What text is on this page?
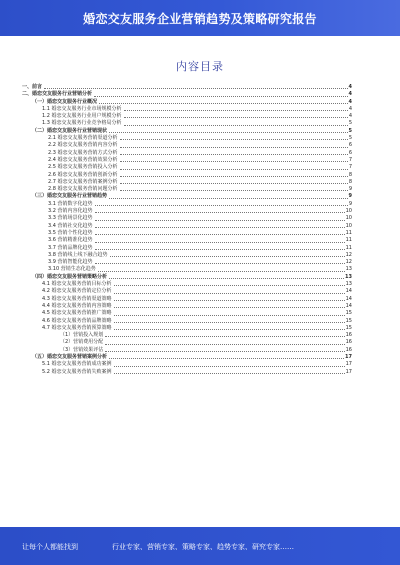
婚恋交友服务企业营销趋势及策略研究报告
内容目录
一、前言	4
二、婚恋交友服务行业营销分析	4
（一）婚恋交友服务行业概况	4
1.1 婚恋交友服务行业市场规模分析	4
1.2 婚恋交友服务行业用户规模分析	4
1.3 婚恋交友服务行业竞争格局分析	5
（二）婚恋交友服务行业营销现状	5
2.1 婚恋交友服务营销渠道分析	5
2.2 婚恋交友服务营销内容分析	6
2.3 婚恋交友服务营销方式分析	6
2.4 婚恋交友服务营销效果分析	7
2.5 婚恋交友服务营销投入分析	7
2.6 婚恋交友服务营销创新分析	8
2.7 婚恋交友服务营销案例分析	8
2.8 婚恋交友服务营销问题分析	9
（三）婚恋交友服务行业营销趋势	9
3.1 营销数字化趋势	9
3.2 营销内容化趋势	10
3.3 营销场景化趋势	10
3.4 营销社交化趋势	10
3.5 营销个性化趋势	11
3.6 营销精准化趋势	11
3.7 营销品牌化趋势	11
3.8 营销线上线下融合趋势	12
3.9 营销智能化趋势	12
3.10 营销生态化趋势	13
（四）婚恋交友服务营销策略分析	13
4.1 婚恋交友服务营销目标分析	13
4.2 婚恋交友服务营销定位分析	14
4.3 婚恋交友服务营销渠道策略	14
4.4 婚恋交友服务营销内容策略	14
4.5 婚恋交友服务营销推广策略	15
4.6 婚恋交友服务营销品牌策略	15
4.7 婚恋交友服务营销预算策略	15
（1）营销投入规划	16
（2）营销费用分配	16
（3）营销效果评估	16
（五）婚恋交友服务营销案例分析	17
5.1 婚恋交友服务营销成功案例	17
5.2 婚恋交友服务营销失败案例	17
让每个人都能找到	行业专家、营销专家、策略专家、趋势专家、研究专家……
